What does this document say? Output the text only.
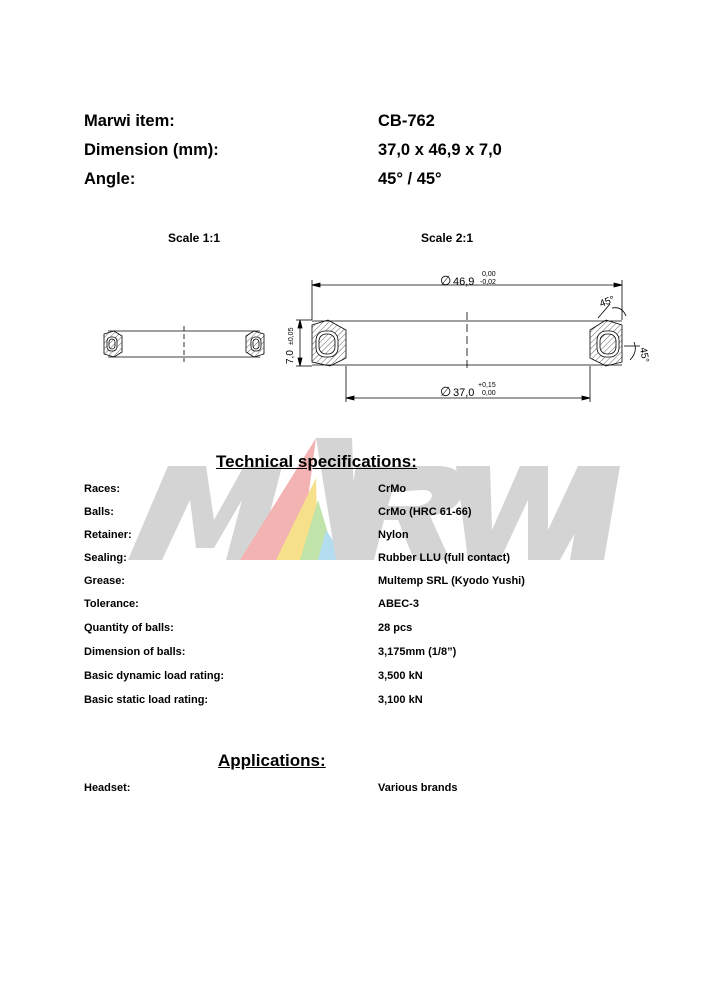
Marwi item:	CB-762
Dimension (mm):	37,0 x 46,9 x 7,0
Angle:	45° / 45°
Scale 1:1	Scale 2:1
∅ 46,9
0,00
-0,02
∅ 37,0
+0,15
0,00
7,0
±0,05
45°
45°
Technical specifications:
Races:	CrMo
Balls:	CrMo (HRC 61-66)
Retainer:	Nylon
Sealing:	Rubber LLU (full contact)
Grease:	Multemp SRL (Kyodo Yushi)
Tolerance:	ABEC-3
Quantity of balls:	28 pcs
Dimension of balls:	3,175mm (1/8”)
Basic dynamic load rating:	3,500 kN
Basic static load rating:	3,100 kN
Applications:
Headset:	Various brands
